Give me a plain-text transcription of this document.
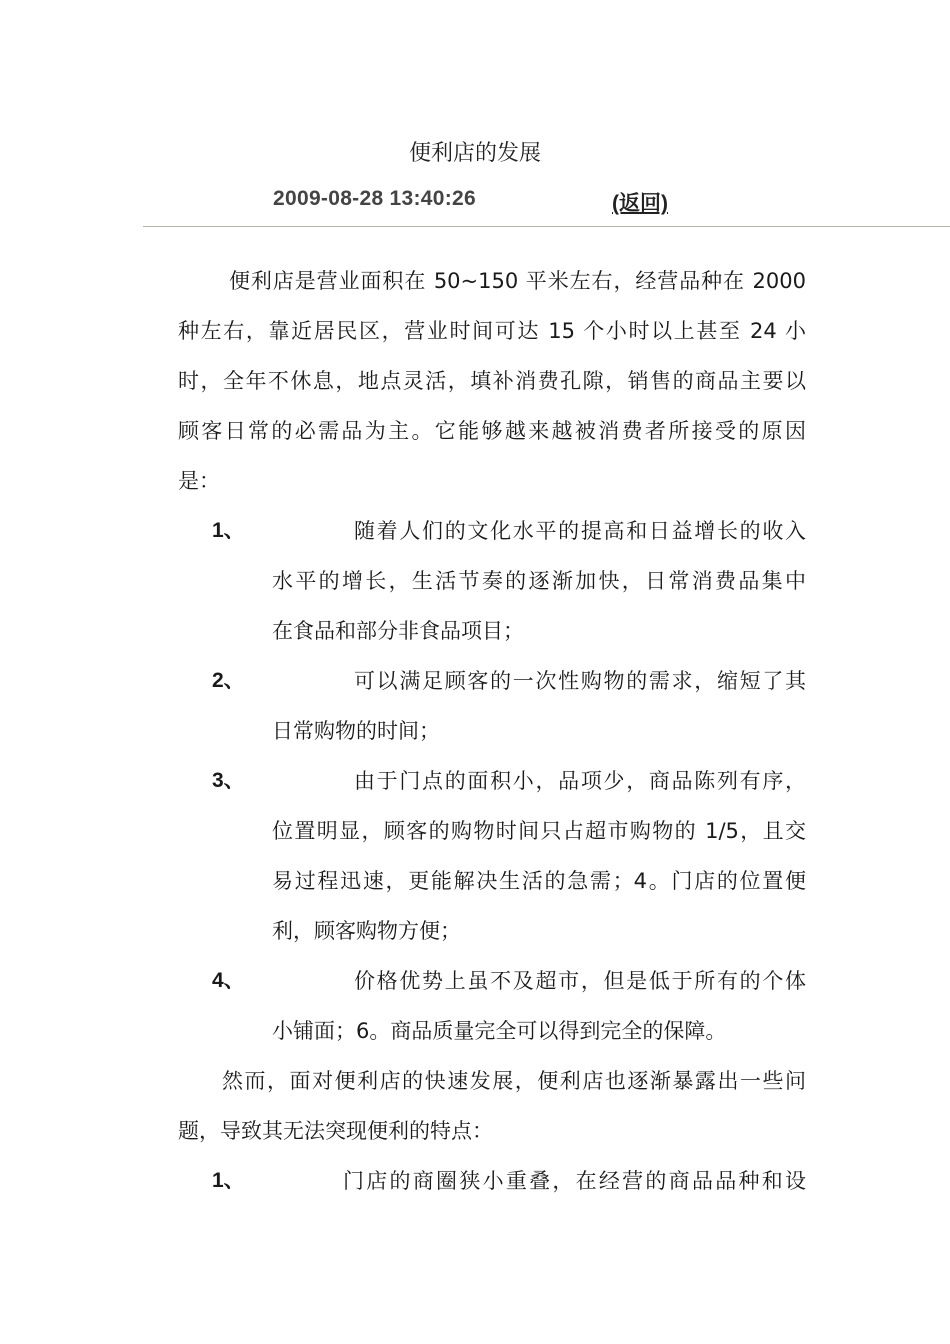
便利店的发展
2009-08-28 13:40:26	(返回)
便利店是营业面积在 50~150 平米左右，经营品种在 2000
种左右，靠近居民区，营业时间可达 15 个小时以上甚至 24 小
时，全年不休息，地点灵活，填补消费孔隙，销售的商品主要以
顾客日常的必需品为主。它能够越来越被消费者所接受的原因
是：
1、	随着人们的文化水平的提高和日益增长的收入
水平的增长，生活节奏的逐渐加快，日常消费品集中
在食品和部分非食品项目；
2、	可以满足顾客的一次性购物的需求，缩短了其
日常购物的时间；
3、	由于门点的面积小，品项少，商品陈列有序，
位置明显，顾客的购物时间只占超市购物的 1/5，且交
易过程迅速，更能解决生活的急需；4。门店的位置便
利，顾客购物方便；
4、	价格优势上虽不及超市，但是低于所有的个体
小铺面；6。商品质量完全可以得到完全的保障。
然而，面对便利店的快速发展，便利店也逐渐暴露出一些问
题，导致其无法突现便利的特点：
1、	门店的商圈狭小重叠，在经营的商品品种和设
